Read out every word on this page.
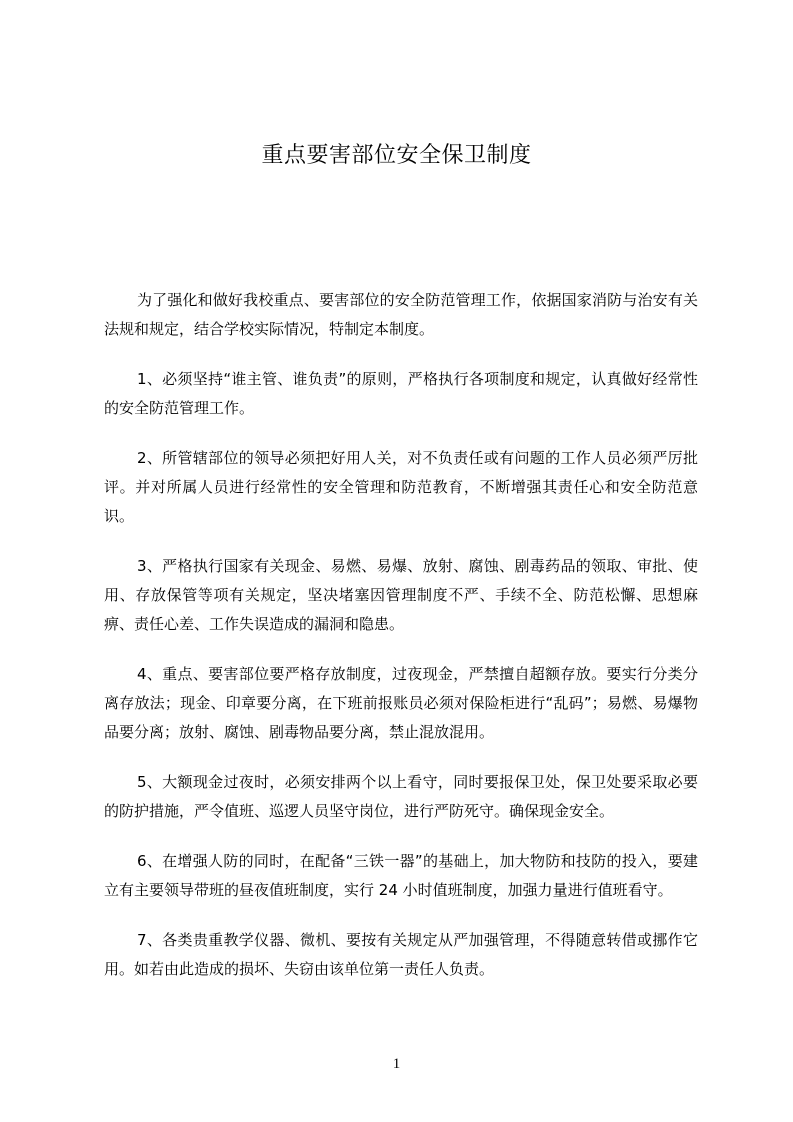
重点要害部位安全保卫制度

为了强化和做好我校重点、要害部位的安全防范管理工作，依据国家消防与治安有关法规和规定，结合学校实际情况，特制定本制度。

1、必须坚持“谁主管、谁负责”的原则，严格执行各项制度和规定，认真做好经常性的安全防范管理工作。

2、所管辖部位的领导必须把好用人关，对不负责任或有问题的工作人员必须严厉批评。并对所属人员进行经常性的安全管理和防范教育，不断增强其责任心和安全防范意识。

3、严格执行国家有关现金、易燃、易爆、放射、腐蚀、剧毒药品的领取、审批、使用、存放保管等项有关规定，坚决堵塞因管理制度不严、手续不全、防范松懈、思想麻痹、责任心差、工作失误造成的漏洞和隐患。

4、重点、要害部位要严格存放制度，过夜现金，严禁擅自超额存放。要实行分类分离存放法；现金、印章要分离，在下班前报账员必须对保险柜进行“乱码”；易燃、易爆物品要分离；放射、腐蚀、剧毒物品要分离，禁止混放混用。

5、大额现金过夜时，必须安排两个以上看守，同时要报保卫处，保卫处要采取必要的防护措施，严令值班、巡逻人员坚守岗位，进行严防死守。确保现金安全。

6、在增强人防的同时，在配备“三铁一器”的基础上，加大物防和技防的投入，要建立有主要领导带班的昼夜值班制度，实行 24 小时值班制度，加强力量进行值班看守。

7、各类贵重教学仪器、微机、要按有关规定从严加强管理，不得随意转借或挪作它用。如若由此造成的损坏、失窃由该单位第一责任人负责。

1
